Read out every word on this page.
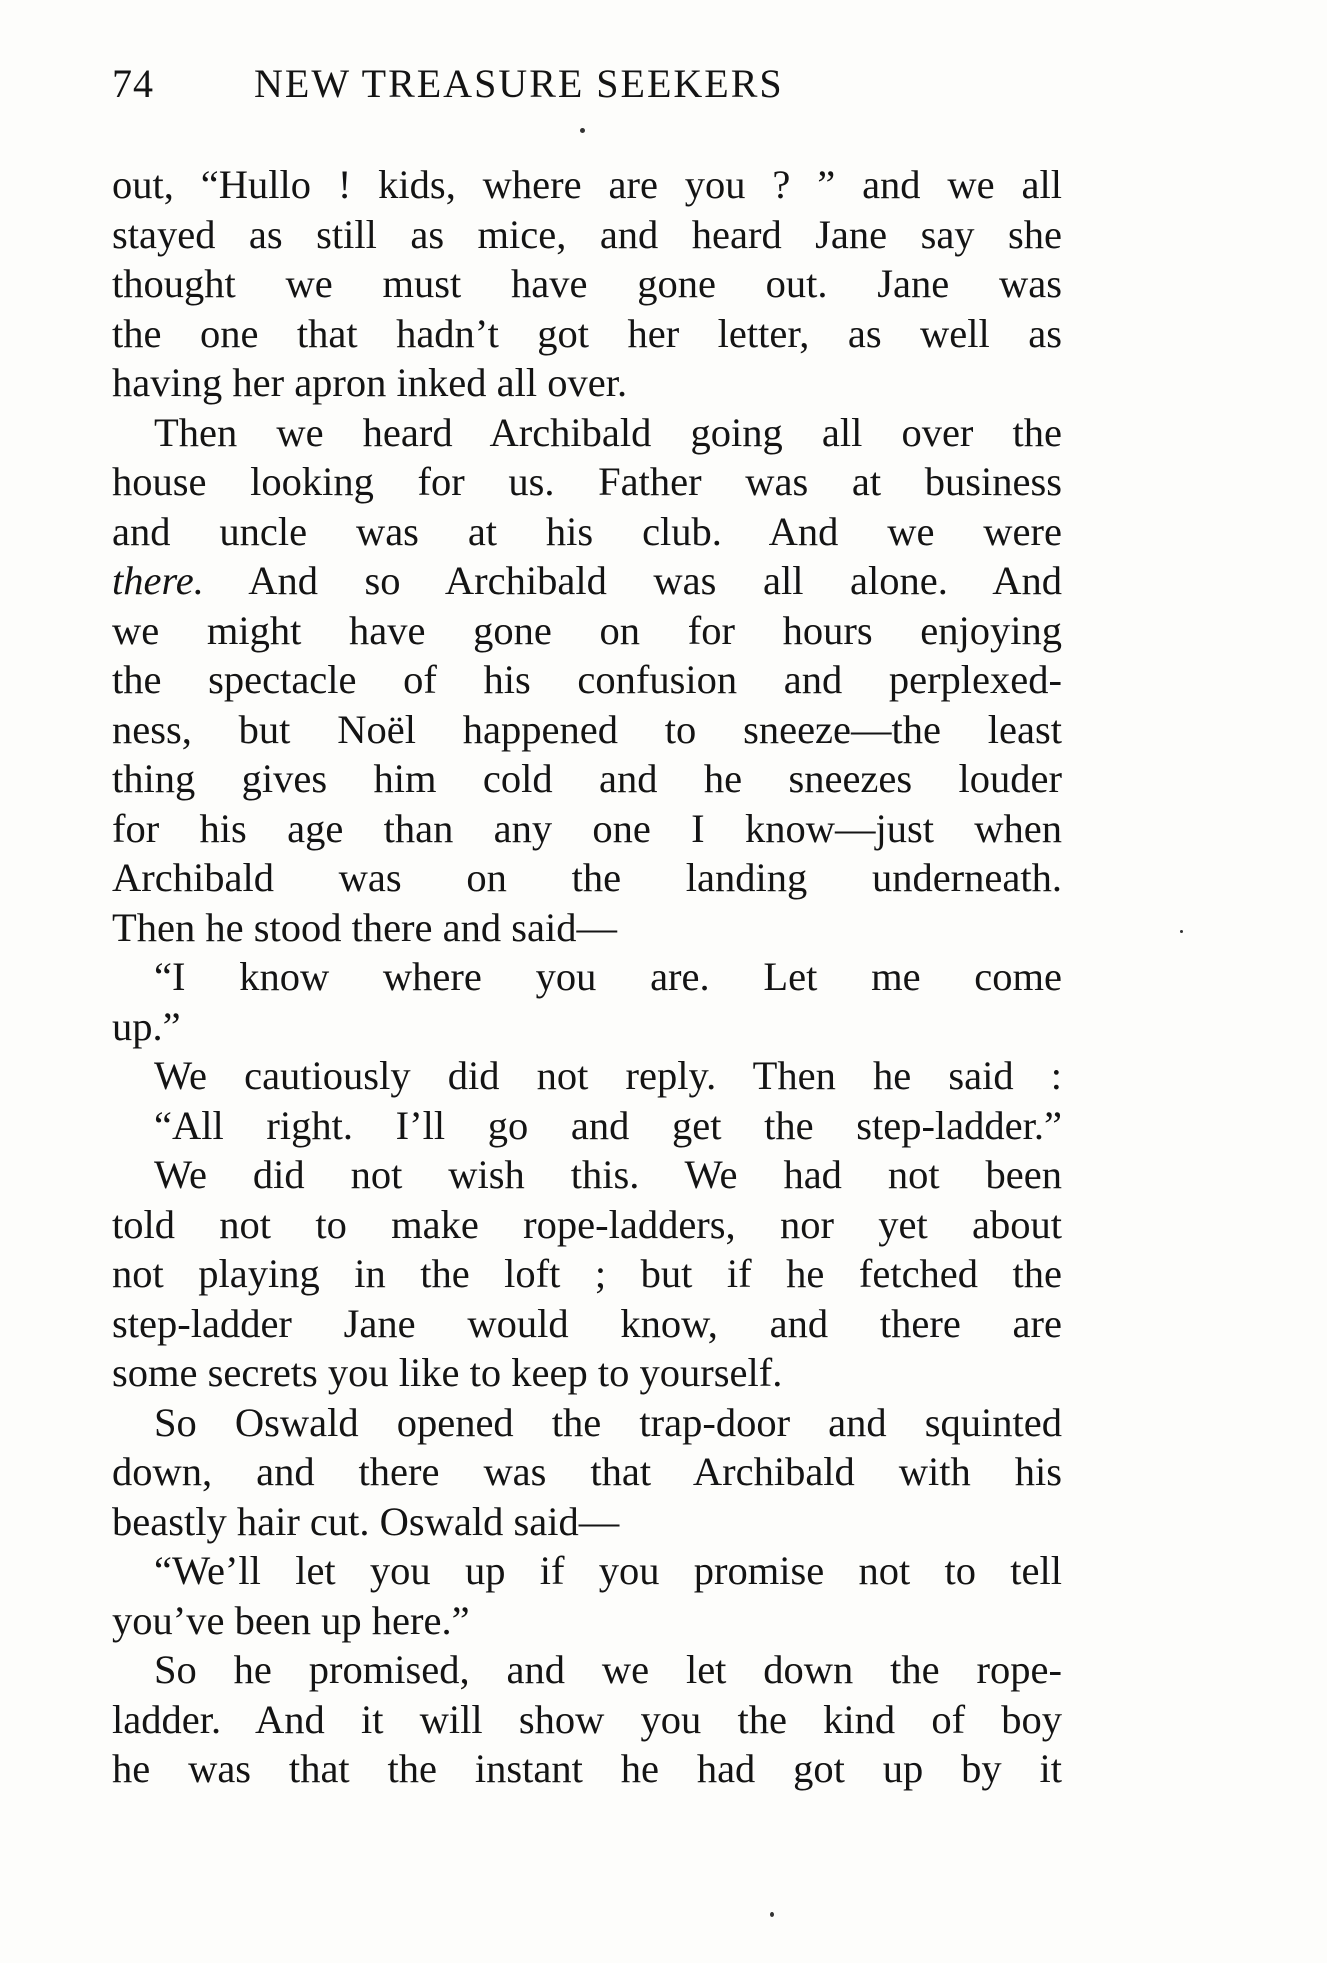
74	NEW TREASURE SEEKERS
out, “Hullo ! kids, where are you ? ” and we all
stayed as still as mice, and heard Jane say she
thought we must have gone out. Jane was
the one that hadn’t got her letter, as well as
having her apron inked all over.
Then we heard Archibald going all over the
house looking for us. Father was at business
and uncle was at his club. And we were
there. And so Archibald was all alone. And
we might have gone on for hours enjoying
the spectacle of his confusion and perplexed-
ness, but Noël happened to sneeze—the least
thing gives him cold and he sneezes louder
for his age than any one I know—just when
Archibald was on the landing underneath.
Then he stood there and said—
“I know where you are. Let me come
up.”
We cautiously did not reply. Then he said :
“All right. I’ll go and get the step-ladder.”
We did not wish this. We had not been
told not to make rope-ladders, nor yet about
not playing in the loft ; but if he fetched the
step-ladder Jane would know, and there are
some secrets you like to keep to yourself.
So Oswald opened the trap-door and squinted
down, and there was that Archibald with his
beastly hair cut. Oswald said—
“We’ll let you up if you promise not to tell
you’ve been up here.”
So he promised, and we let down the rope-
ladder. And it will show you the kind of boy
he was that the instant he had got up by it
